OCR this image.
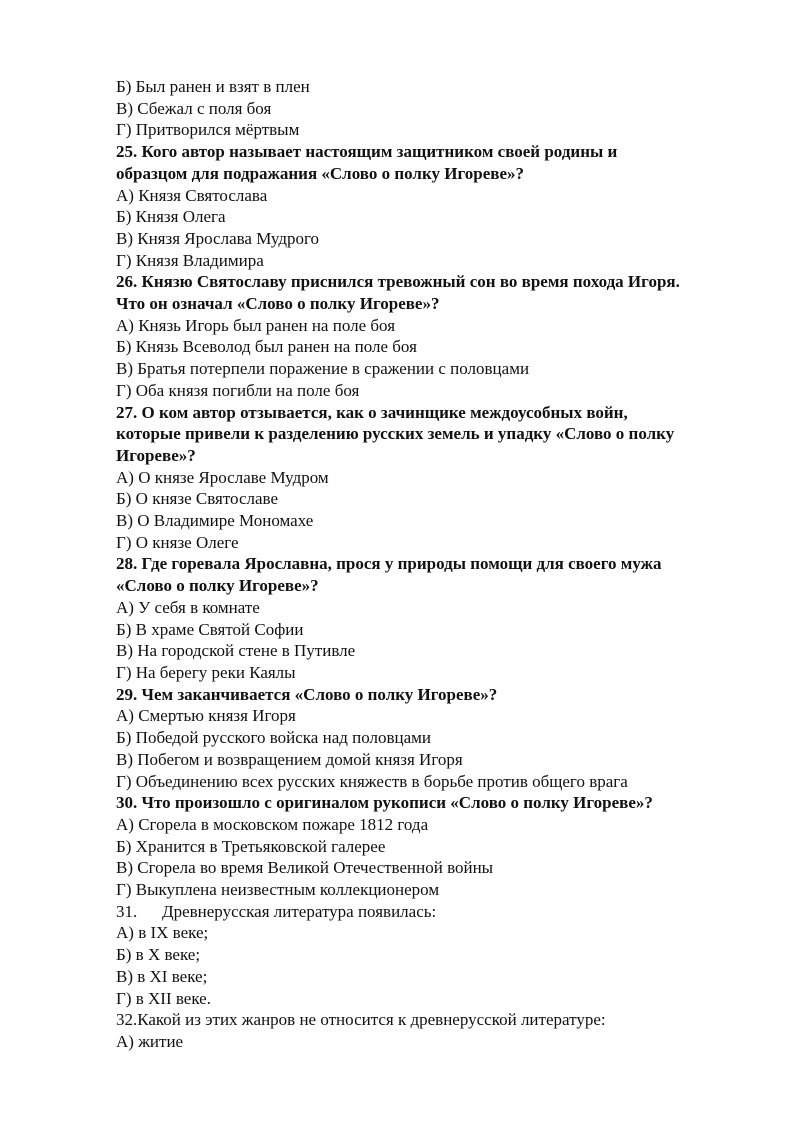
Б) Был ранен и взят в плен
В) Сбежал с поля боя
Г) Притворился мёртвым
25. Кого автор называет настоящим защитником своей родины и
образцом для подражания «Слово о полку Игореве»?
А) Князя Святослава
Б) Князя Олега
В) Князя Ярослава Мудрого
Г) Князя Владимира
26. Князю Святославу приснился тревожный сон во время похода Игоря.
Что он означал «Слово о полку Игореве»?
А) Князь Игорь был ранен на поле боя
Б) Князь Всеволод был ранен на поле боя
В) Братья потерпели поражение в сражении с половцами
Г) Оба князя погибли на поле боя
27. О ком автор отзывается, как о зачинщике междоусобных войн,
которые привели к разделению русских земель и упадку «Слово о полку
Игореве»?
А) О князе Ярославе Мудром
Б) О князе Святославе
В) О Владимире Мономахе
Г) О князе Олеге
28. Где горевала Ярославна, прося у природы помощи для своего мужа
«Слово о полку Игореве»?
А) У себя в комнате
Б) В храме Святой Софии
В) На городской стене в Путивле
Г) На берегу реки Каялы
29. Чем заканчивается «Слово о полку Игореве»?
А) Смертью князя Игоря
Б) Победой русского войска над половцами
В) Побегом и возвращением домой князя Игоря
Г) Объединению всех русских княжеств в борьбе против общего врага
30. Что произошло с оригиналом рукописи «Слово о полку Игореве»?
А) Сгорела в московском пожаре 1812 года
Б) Хранится в Третьяковской галерее
В) Сгорела во время Великой Отечественной войны
Г) Выкуплена неизвестным коллекционером
31. Древнерусская литература появилась:
А) в IX веке;
Б) в X веке;
В) в XI веке;
Г) в XII веке.
32.Какой из этих жанров не относится к древнерусской литературе:
А) житие
